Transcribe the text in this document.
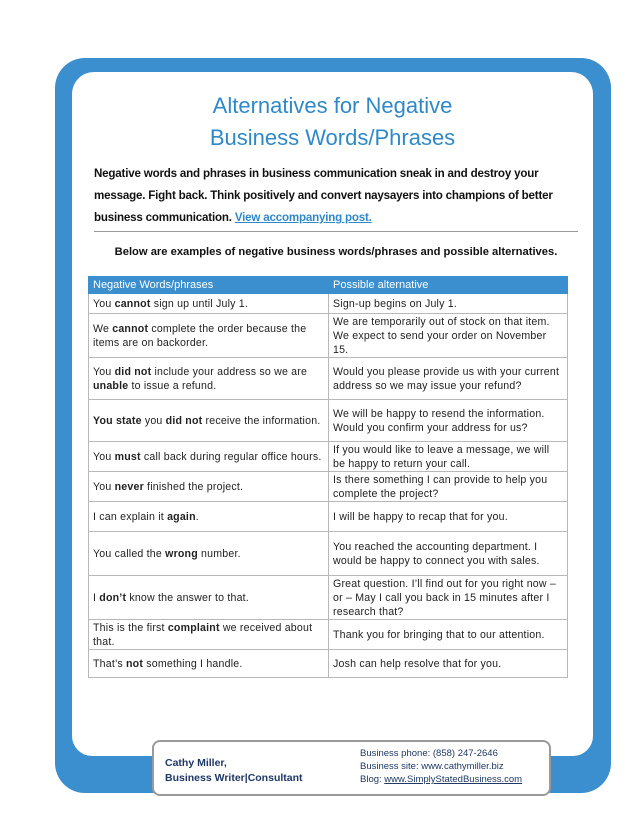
Alternatives for Negative
Business Words/Phrases

Negative words and phrases in business communication sneak in and destroy your message. Fight back. Think positively and convert naysayers into champions of better business communication. View accompanying post.

Below are examples of negative business words/phrases and possible alternatives.

Negative Words/phrases	Possible alternative
You cannot sign up until July 1.	Sign-up begins on July 1.
We cannot complete the order because the items are on backorder.	We are temporarily out of stock on that item. We expect to send your order on November 15.
You did not include your address so we are unable to issue a refund.	Would you please provide us with your current address so we may issue your refund?
You state you did not receive the information.	We will be happy to resend the information. Would you confirm your address for us?
You must call back during regular office hours.	If you would like to leave a message, we will be happy to return your call.
You never finished the project.	Is there something I can provide to help you complete the project?
I can explain it again.	I will be happy to recap that for you.
You called the wrong number.	You reached the accounting department. I would be happy to connect you with sales.
I don’t know the answer to that.	Great question. I’ll find out for you right now – or – May I call you back in 15 minutes after I research that?
This is the first complaint we received about that.	Thank you for bringing that to our attention.
That’s not something I handle.	Josh can help resolve that for you.
Cathy Miller,
Business Writer|Consultant
Business phone: (858) 247-2646
Business site: www.cathymiller.biz
Blog: www.SimplyStatedBusiness.com
